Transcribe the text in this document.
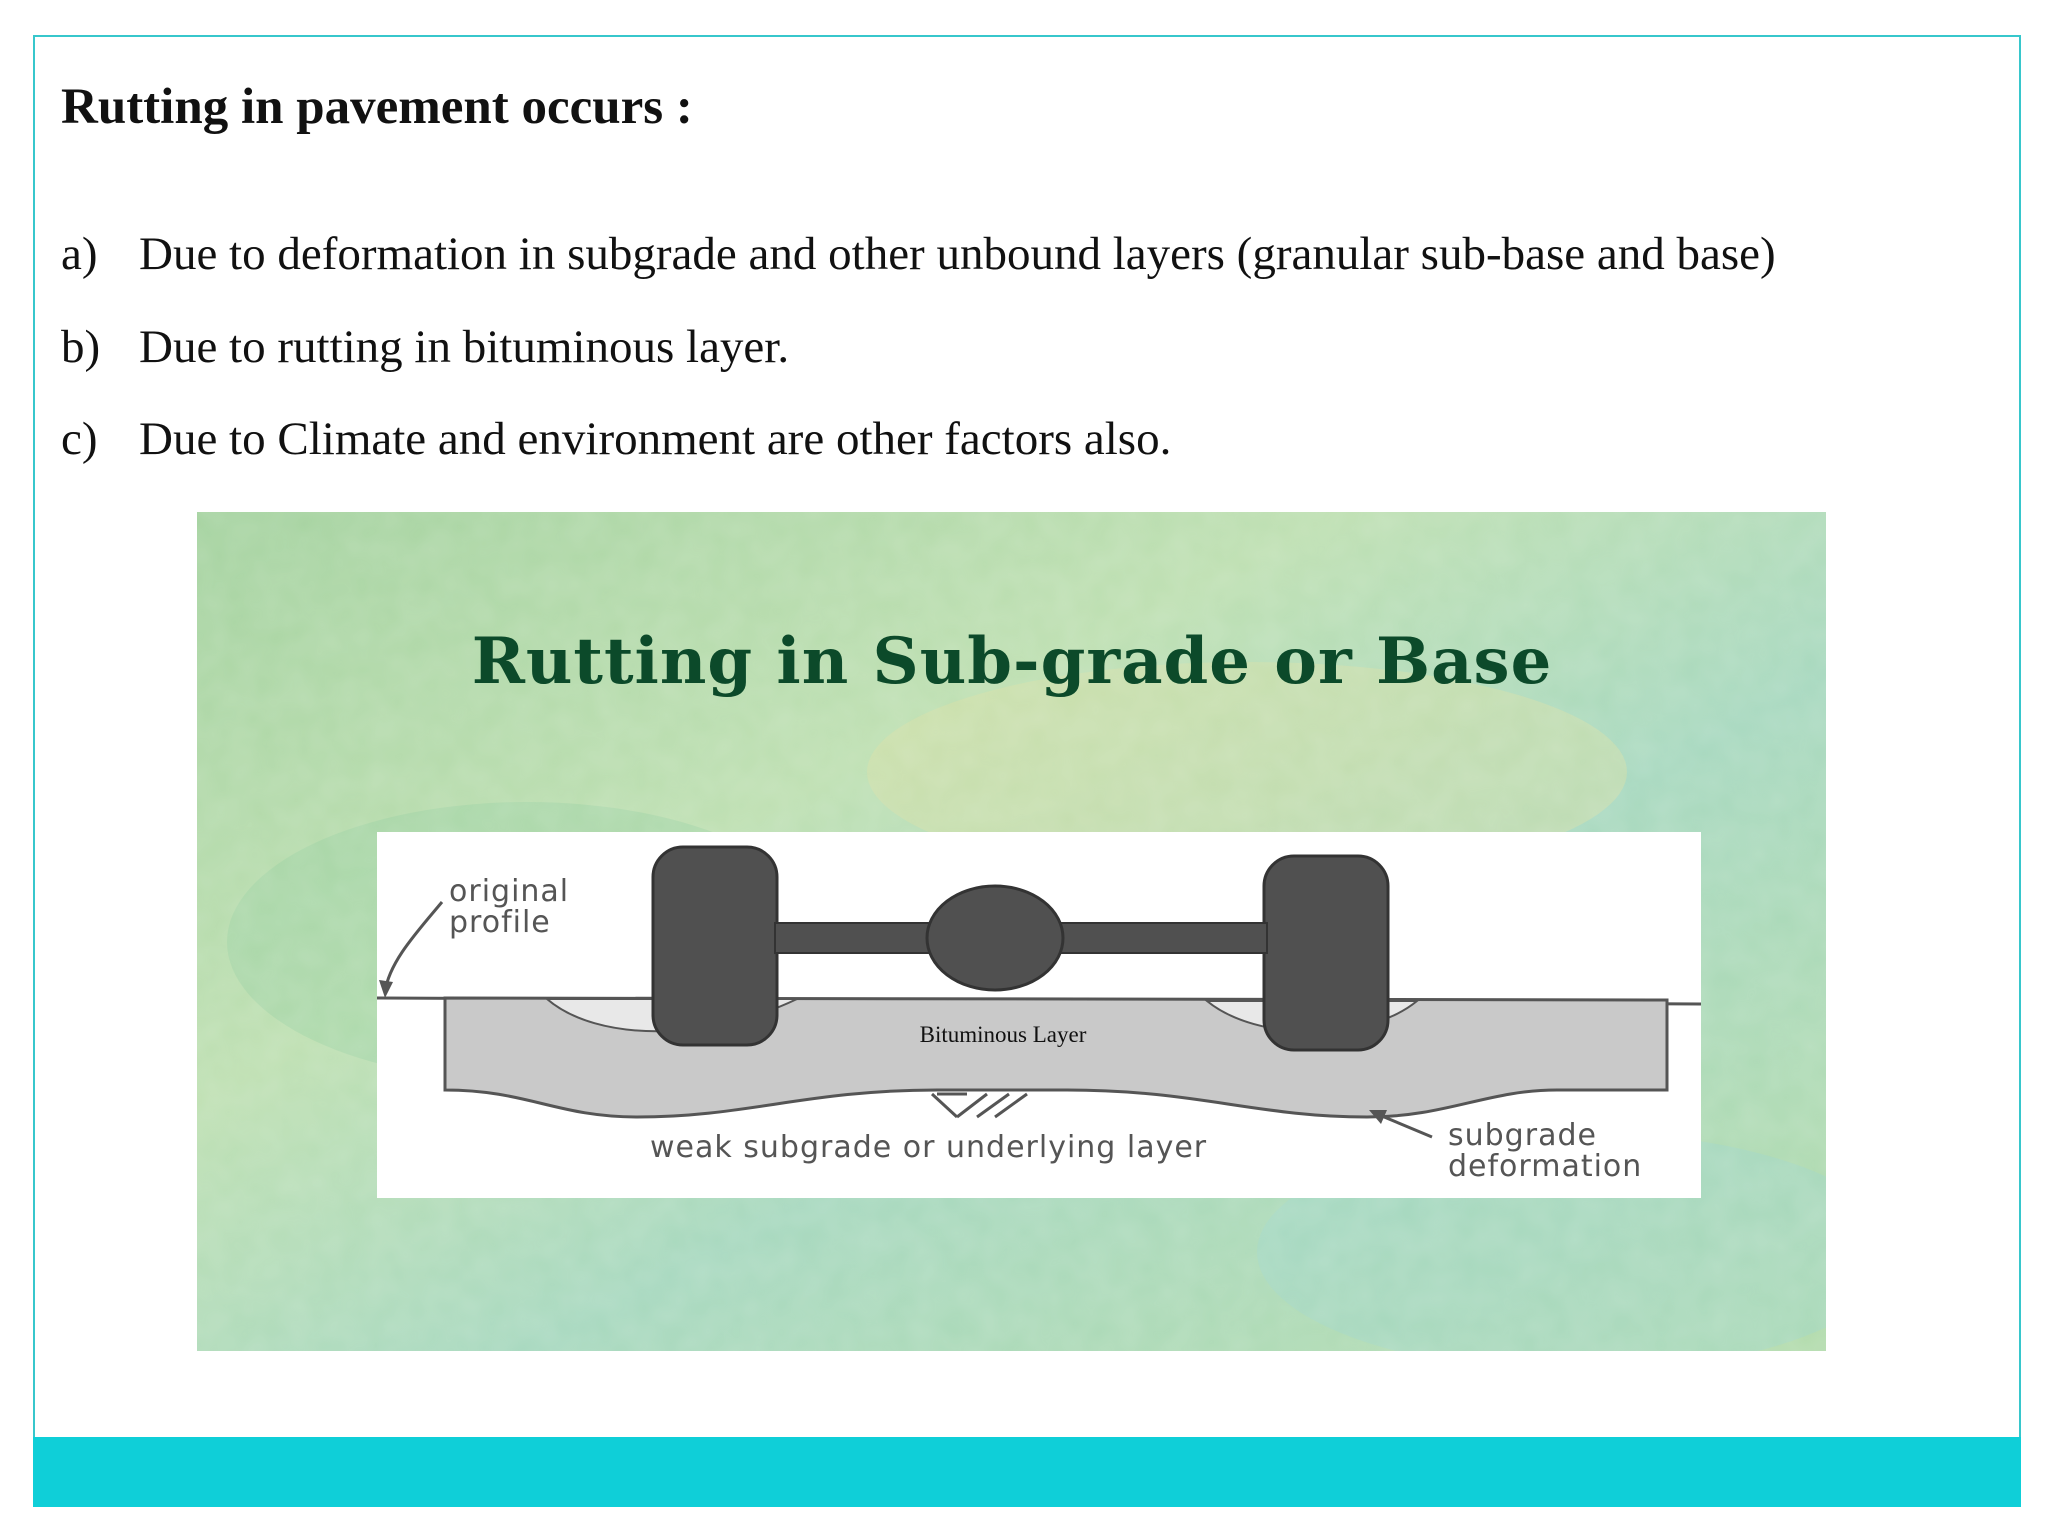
Rutting in pavement occurs :
a) Due to deformation in subgrade and other unbound layers (granular sub-base and base)
b) Due to rutting in bituminous layer.
c) Due to Climate and environment are other factors also.
Rutting in Sub-grade or Base
original
profile
Bituminous Layer
weak subgrade or underlying layer	subgrade
deformation
